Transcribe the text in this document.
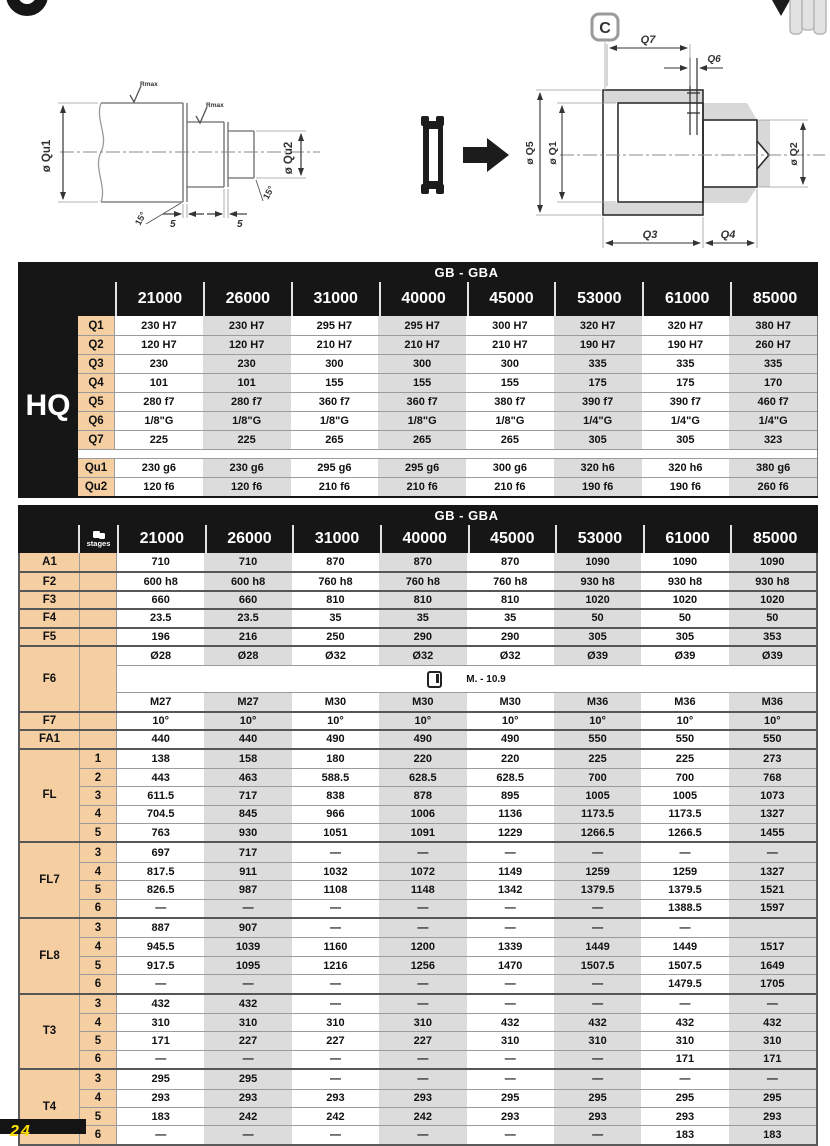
ø Qu1	ø Qu2
Rmax
Rmax
15°
15°
5	5
C
Q7
Q6
ø Q5 ø Q1	ø Q2
Q3	Q4
GB - GBA
21000	26000	31000	40000	45000	53000	61000	85000
HQ
Q1	230 H7	230 H7	295 H7	295 H7	300 H7	320 H7	320 H7	380 H7
Q2	120 H7	120 H7	210 H7	210 H7	210 H7	190 H7	190 H7	260 H7
Q3	230	230	300	300	300	335	335	335
Q4	101	101	155	155	155	175	175	170
Q5	280 f7	280 f7	360 f7	360 f7	380 f7	390 f7	390 f7	460 f7
Q6	1/8"G	1/8"G	1/8"G	1/8"G	1/8"G	1/4"G	1/4"G	1/4"G
Q7	225	225	265	265	265	305	305	323
Qu1	230 g6	230 g6	295 g6	295 g6	300 g6	320 h6	320 h6	380 g6
Qu2	120 f6	120 f6	210 f6	210 f6	210 f6	190 f6	190 f6	260 f6
GB - GBA
stages	21000	26000	31000	40000	45000	53000	61000	85000
A1	710	710	870	870	870	1090	1090	1090
F2	600 h8	600 h8	760 h8	760 h8	760 h8	930 h8	930 h8	930 h8
F3	660	660	810	810	810	1020	1020	1020
F4	23.5	23.5	35	35	35	50	50	50
F5	196	216	250	290	290	305	305	353
F6
Ø28	Ø28	Ø32	Ø32	Ø32	Ø39	Ø39	Ø39
M. - 10.9
M27	M27	M30	M30	M30	M36	M36	M36
F7	10°	10°	10°	10°	10°	10°	10°	10°
FA1	440	440	490	490	490	550	550	550
FL
1	138	158	180	220	220	225	225	273
2	443	463	588.5	628.5	628.5	700	700	768
3	611.5	717	838	878	895	1005	1005	1073
4	704.5	845	966	1006	1136	1173.5	1173.5	1327
5	763	930	1051	1091	1229	1266.5	1266.5	1455
FL7
3	697	717	—	—	—	—	—	—
4	817.5	911	1032	1072	1149	1259	1259	1327
5	826.5	987	1108	1148	1342	1379.5	1379.5	1521
6	—	—	—	—	—	—	1388.5	1597
FL8
3	887	907	—	—	—	—	—
4	945.5	1039	1160	1200	1339	1449	1449	1517
5	917.5	1095	1216	1256	1470	1507.5	1507.5	1649
6	—	—	—	—	—	—	1479.5	1705
T3
3	432	432	—	—	—	—	—	—
4	310	310	310	310	432	432	432	432
5	171	227	227	227	310	310	310	310
6	—	—	—	—	—	—	171	171
T4
3	295	295	—	—	—	—	—	—
4	293	293	293	293	295	295	295	295
5	183	242	242	242	293	293	293	293
6	—	—	—	—	—	—	183	183
24
